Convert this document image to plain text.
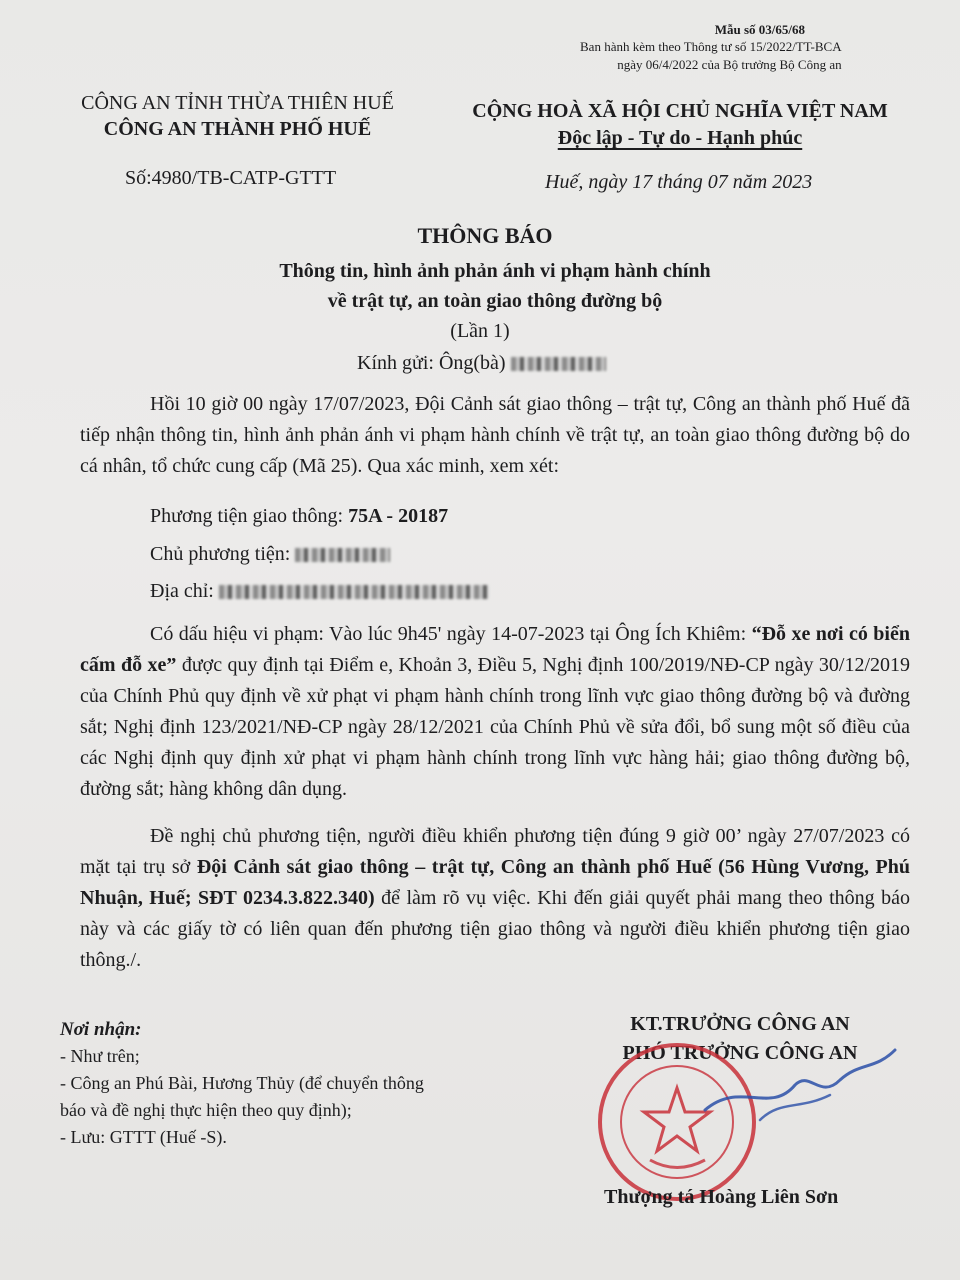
Mẫu số 03/65/68
Ban hành kèm theo Thông tư số 15/2022/TT-BCA
ngày 06/4/2022 của Bộ trưởng Bộ Công an
CÔNG AN TỈNH THỪA THIÊN HUẾ
CÔNG AN THÀNH PHỐ HUẾ
CỘNG HOÀ XÃ HỘI CHỦ NGHĨA VIỆT NAM
Độc lập - Tự do - Hạnh phúc
Số:4980/TB-CATP-GTTT	Huế, ngày 17 tháng 07 năm 2023
THÔNG BÁO
Thông tin, hình ảnh phản ánh vi phạm hành chính
về trật tự, an toàn giao thông đường bộ
(Lần 1)
Kính gửi: Ông(bà)
Hồi 10 giờ 00 ngày 17/07/2023, Đội Cảnh sát giao thông – trật tự, Công an thành phố Huế đã tiếp nhận thông tin, hình ảnh phản ánh vi phạm hành chính về trật tự, an toàn giao thông đường bộ do cá nhân, tổ chức cung cấp (Mã 25). Qua xác minh, xem xét:
Phương tiện giao thông: 75A - 20187
Chủ phương tiện:
Địa chỉ:
Có dấu hiệu vi phạm: Vào lúc 9h45' ngày 14-07-2023 tại Ông Ích Khiêm: “Đỗ xe nơi có biển cấm đỗ xe” được quy định tại Điểm e, Khoản 3, Điều 5, Nghị định 100/2019/NĐ-CP ngày 30/12/2019 của Chính Phủ quy định về xử phạt vi phạm hành chính trong lĩnh vực giao thông đường bộ và đường sắt; Nghị định 123/2021/NĐ-CP ngày 28/12/2021 của Chính Phủ về sửa đổi, bổ sung một số điều của các Nghị định quy định xử phạt vi phạm hành chính trong lĩnh vực hàng hải; giao thông đường bộ, đường sắt; hàng không dân dụng.
Đề nghị chủ phương tiện, người điều khiển phương tiện đúng 9 giờ 00’ ngày 27/07/2023 có mặt tại trụ sở Đội Cảnh sát giao thông – trật tự, Công an thành phố Huế (56 Hùng Vương, Phú Nhuận, Huế; SĐT 0234.3.822.340) để làm rõ vụ việc. Khi đến giải quyết phải mang theo thông báo này và các giấy tờ có liên quan đến phương tiện giao thông và người điều khiển phương tiện giao thông./.
Nơi nhận:
- Như trên;
- Công an Phú Bài, Hương Thủy (để chuyển thông
báo và đề nghị thực hiện theo quy định);
- Lưu: GTTT (Huế -S).
KT.TRƯỞNG CÔNG AN
PHÓ TRƯỞNG CÔNG AN
Thượng tá Hoàng Liên Sơn
